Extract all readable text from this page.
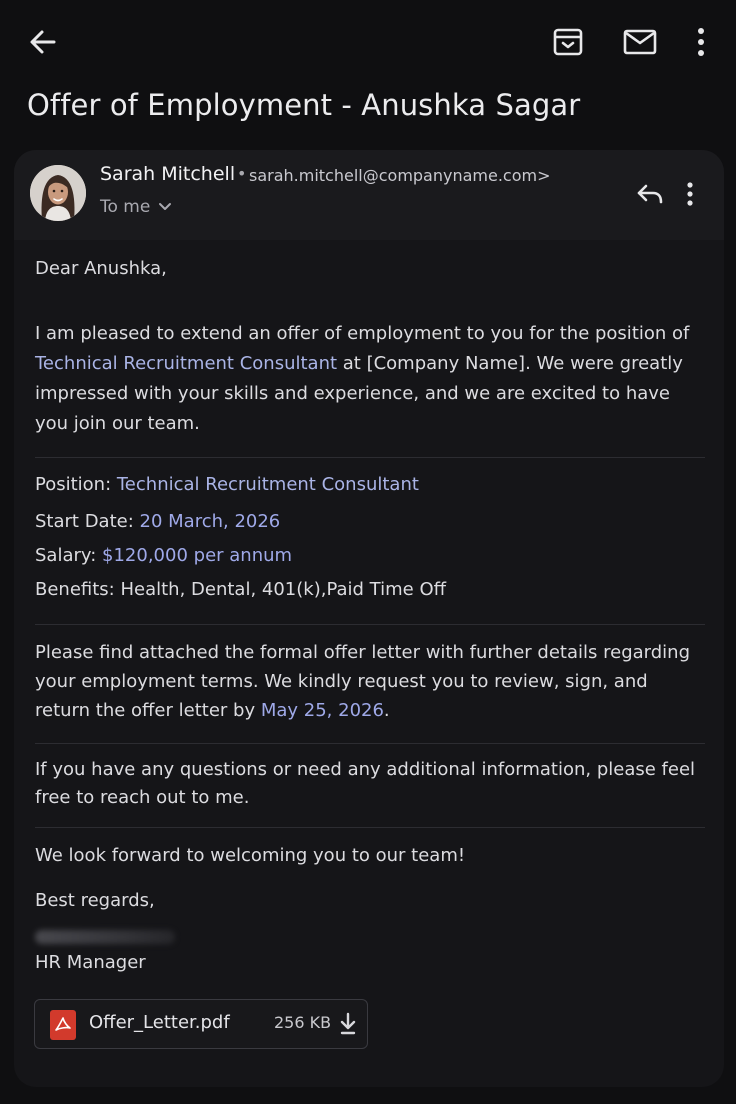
Offer of Employment - Anushka Sagar
Sarah Mitchell • sarah.mitchell@companyname.com>
To me
Dear Anushka,
I am pleased to extend an offer of employment to you for the position of Technical Recruitment Consultant at [Company Name]. We were greatly impressed with your skills and experience, and we are excited to have you join our team.
Position: Technical Recruitment Consultant
Start Date: 20 March, 2026
Salary: $120,000 per annum
Benefits: Health, Dental, 401(k),Paid Time Off
Please find attached the formal offer letter with further details regarding your employment terms. We kindly request you to review, sign, and return the offer letter by May 25, 2026.
If you have any questions or need any additional information, please feel free to reach out to me.
We look forward to welcoming you to our team!
Best regards,
HR Manager
Offer_Letter.pdf	256 KB
